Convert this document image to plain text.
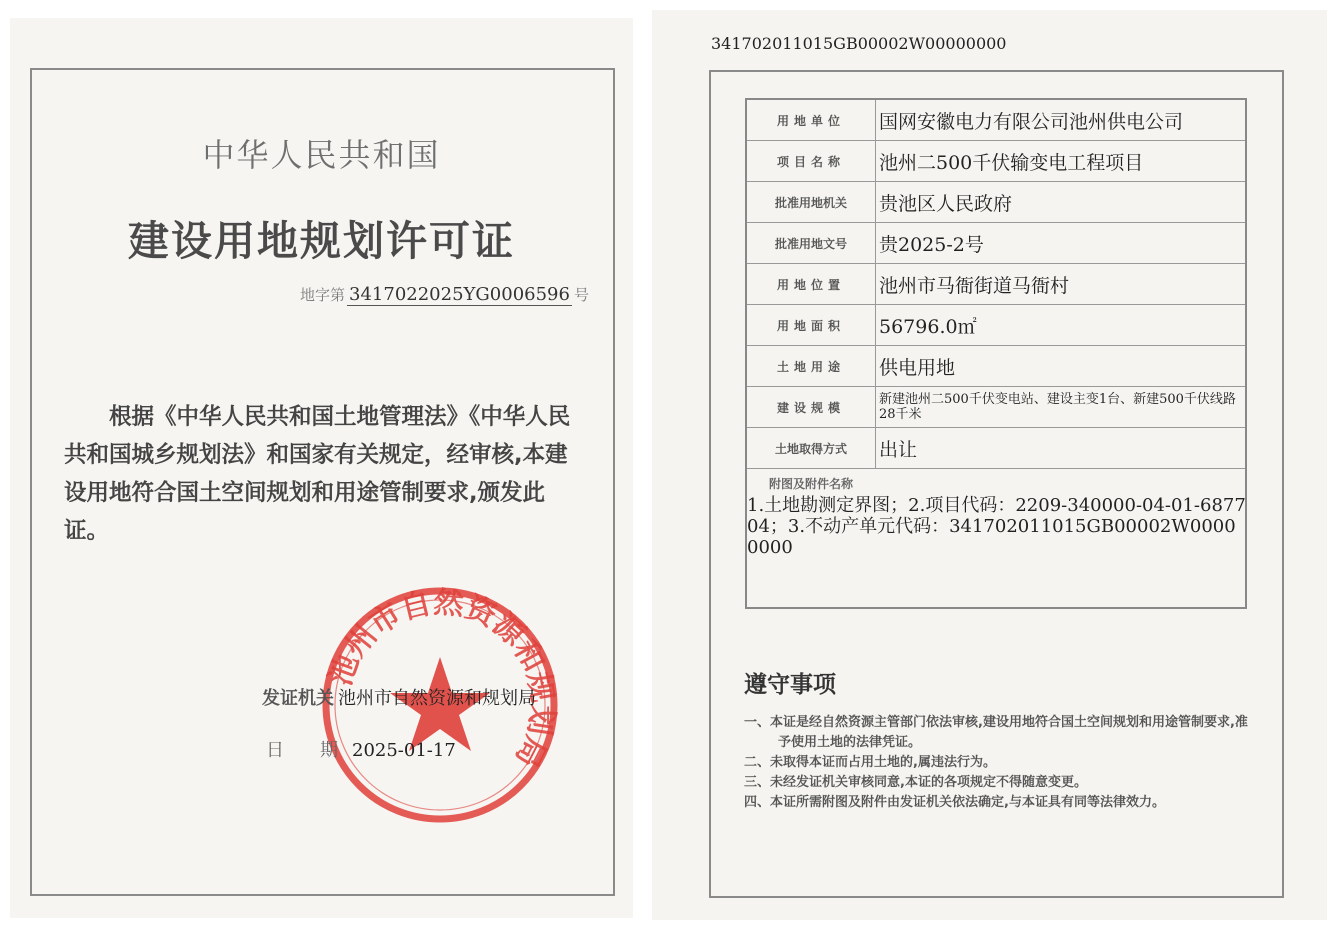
中华人民共和国
建设用地规划许可证
地字第 3417022025YG0006596 号
根据《中华人民共和国土地管理法》《中华人民共和国城乡规划法》和国家有关规定，经审核,本建设用地符合国土空间规划和用途管制要求,颁发此证。
池州市自然资源和规划局
发证机关 池州市自然资源和规划局
日　　期 2025-01-17
341702011015GB00002W00000000
用地单位	国网安徽电力有限公司池州供电公司
项目名称	池州二500千伏输变电工程项目
批准用地机关	贵池区人民政府
批准用地文号	贵2025-2号
用地位置	池州市马衙街道马衙村
用地面积	56796.0㎡
土地用途	供电用地
建设规模
新建池州二500千伏变电站、建设主变1台、新建500千伏线路28千米
土地取得方式	出让
附图及附件名称
1.土地勘测定界图；2.项目代码：2209-340000-04-01-687704；3.不动产单元代码：341702011015GB00002W00000000
遵守事项
一、本证是经自然资源主管部门依法审核,建设用地符合国土空间规划和用途管制要求,准予使用土地的法律凭证。
二、未取得本证而占用土地的,属违法行为。
三、未经发证机关审核同意,本证的各项规定不得随意变更。
四、本证所需附图及附件由发证机关依法确定,与本证具有同等法律效力。
